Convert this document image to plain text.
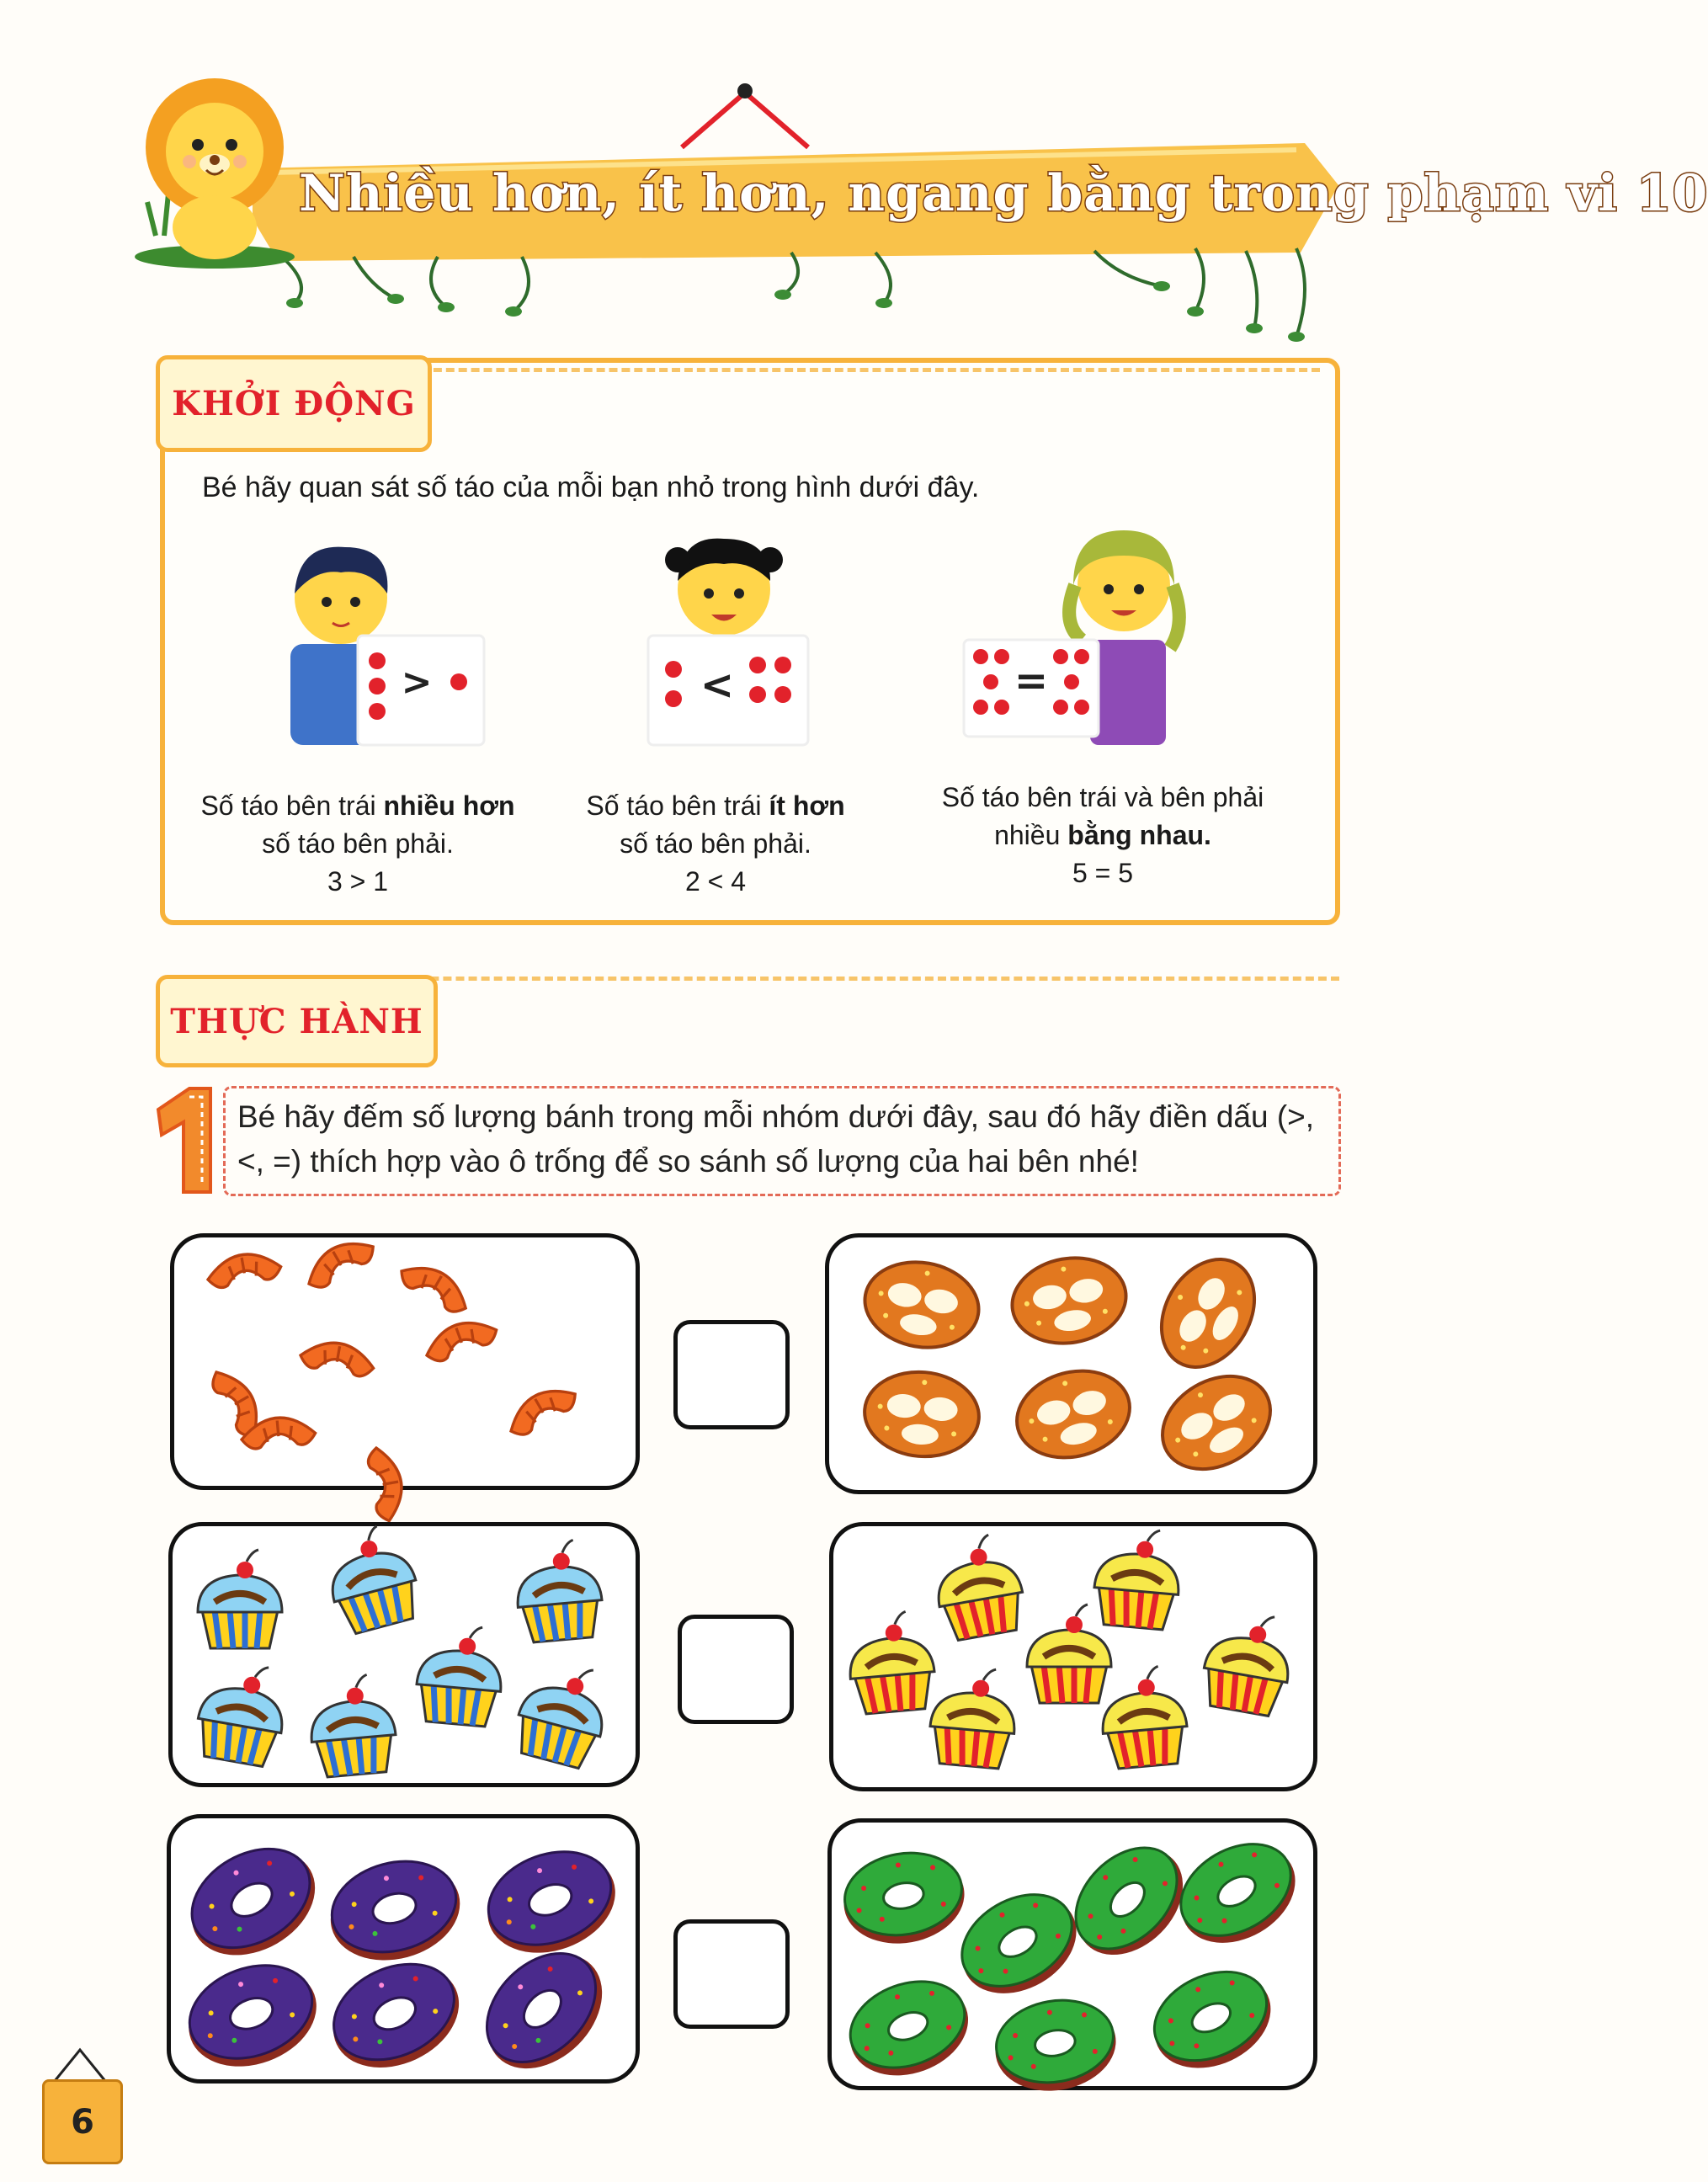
Nhiều hơn, ít hơn, ngang bằng trong phạm vi 10
KHỞI ĐỘNG
Bé hãy quan sát số táo của mỗi bạn nhỏ trong hình dưới đây.
>	<	=
Số táo bên trái nhiều hơn
số táo bên phải.
3 > 1
Số táo bên trái ít hơn
số táo bên phải.
2 < 4
Số táo bên trái và bên phải
nhiều bằng nhau.
5 = 5
THỰC HÀNH
Bé hãy đếm số lượng bánh trong mỗi nhóm dưới đây, sau đó hãy điền dấu (>, <, =) thích hợp vào ô trống để so sánh số lượng của hai bên nhé!
6
